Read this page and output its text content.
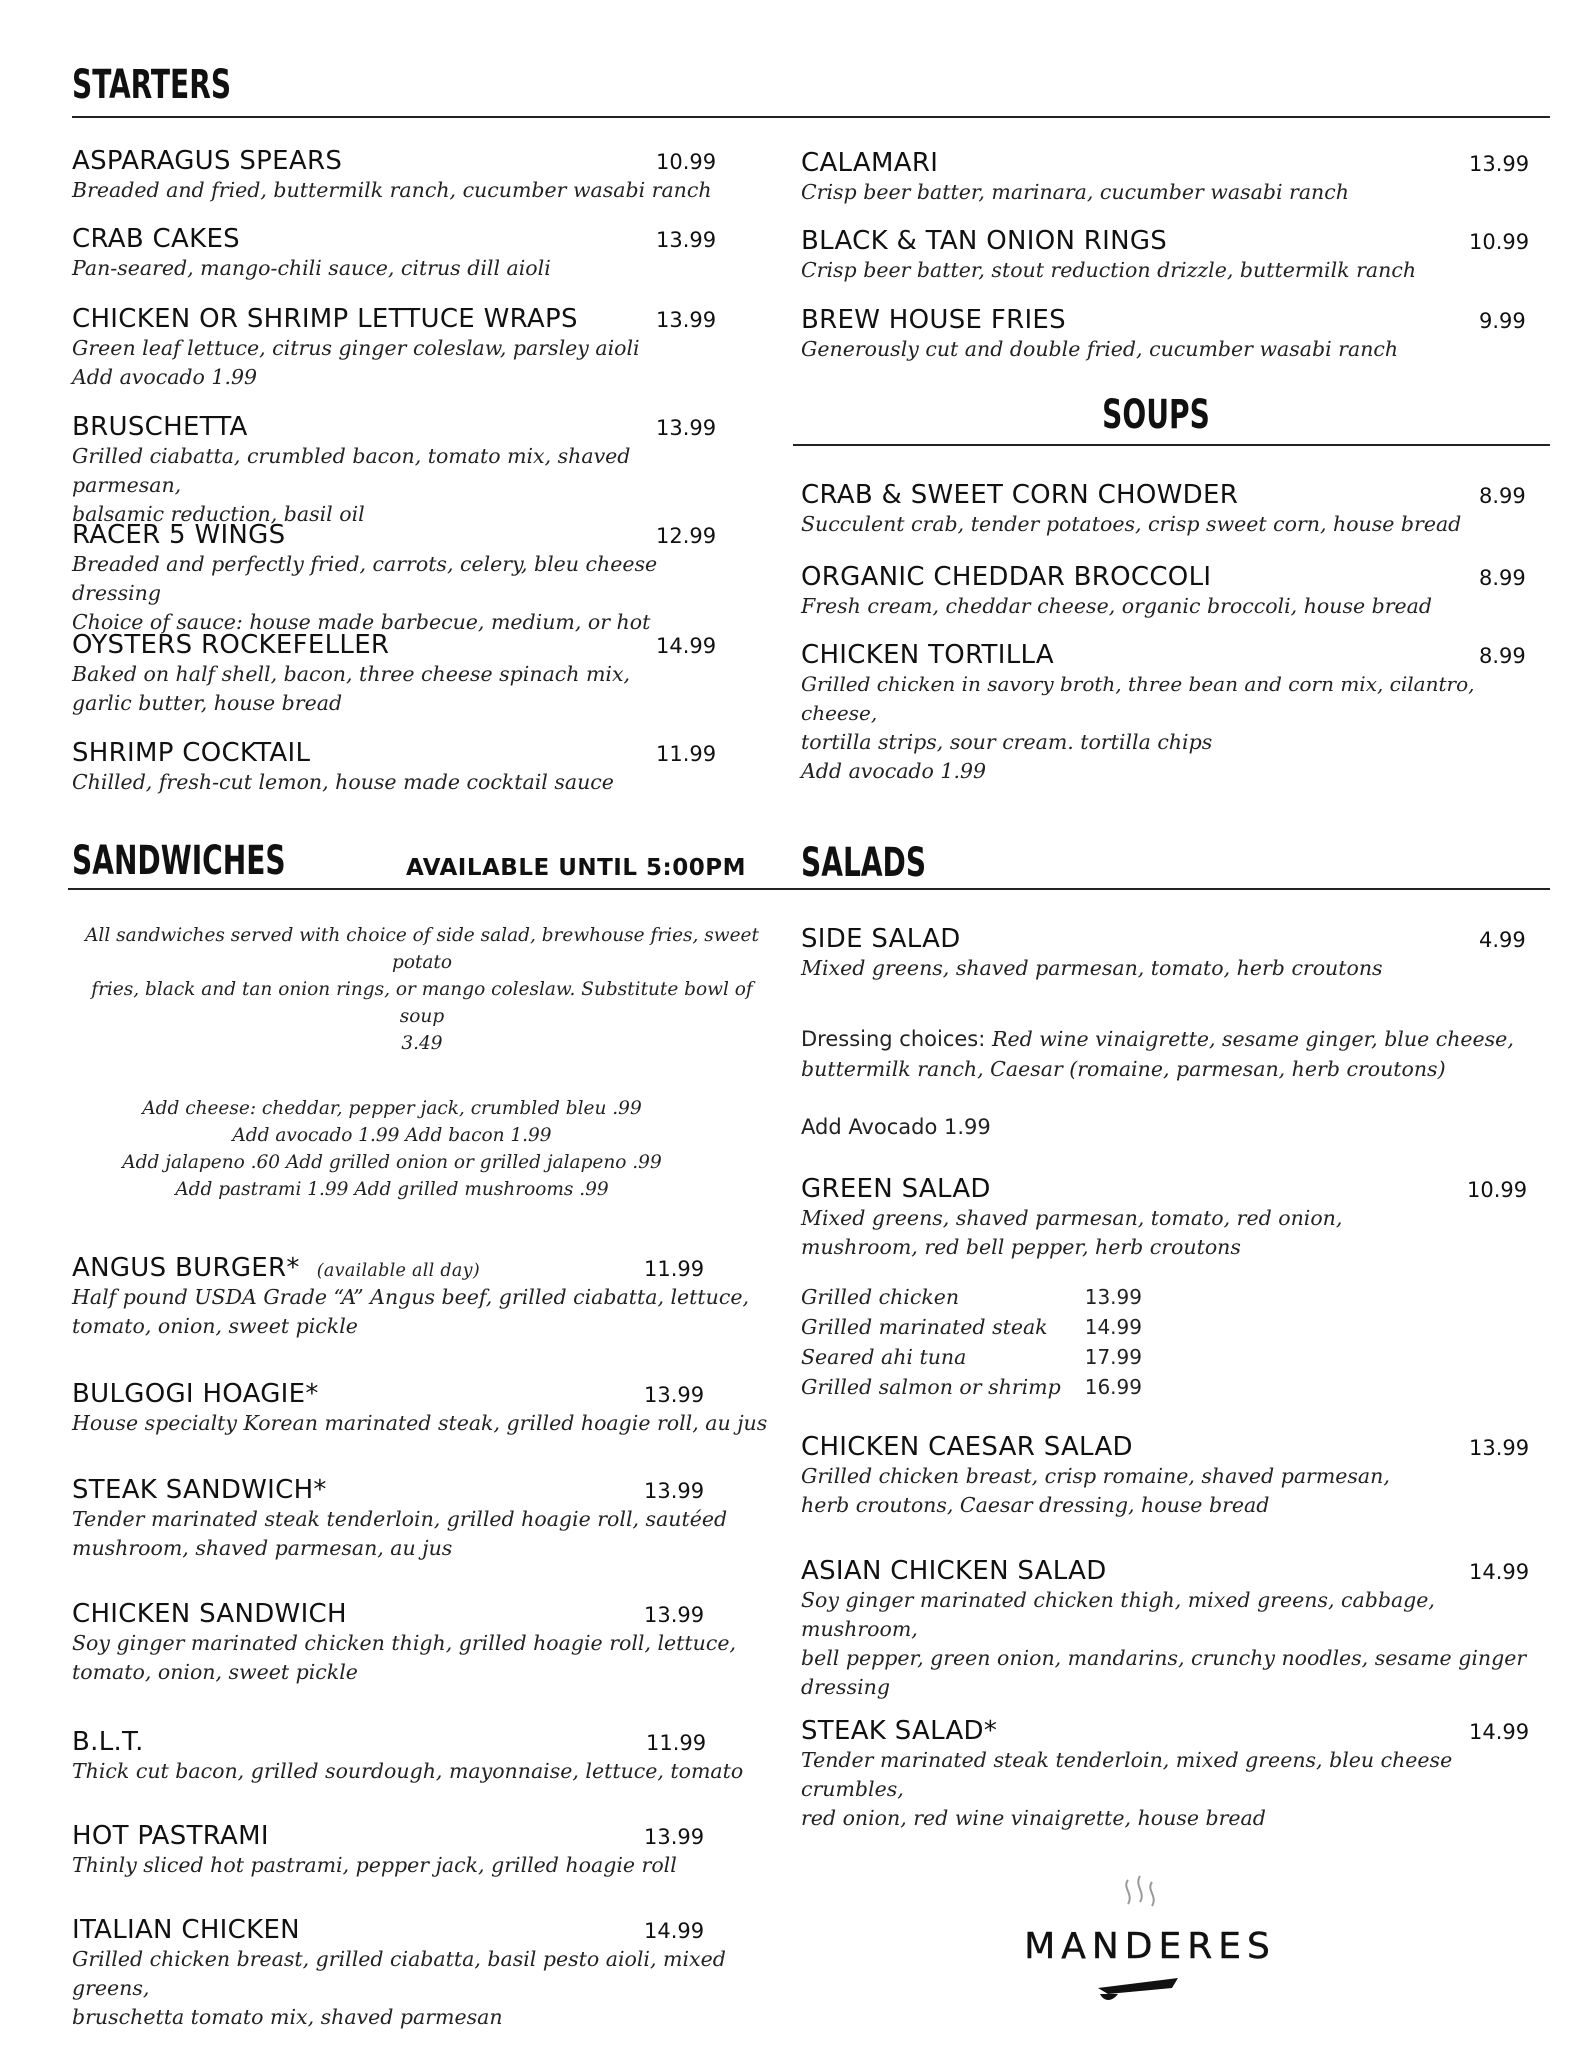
STARTERS
ASPARAGUS SPEARS	10.99
Breaded and fried, buttermilk ranch, cucumber wasabi ranch
CRAB CAKES	13.99
Pan-seared, mango-chili sauce, citrus dill aioli
CHICKEN OR SHRIMP LETTUCE WRAPS	13.99
Green leaf lettuce, citrus ginger coleslaw, parsley aioli
Add avocado 1.99
BRUSCHETTA	13.99
Grilled ciabatta, crumbled bacon, tomato mix, shaved parmesan,
balsamic reduction, basil oil
RACER 5 WINGS	12.99
Breaded and perfectly fried, carrots, celery, bleu cheese dressing
Choice of sauce: house made barbecue, medium, or hot
OYSTERS ROCKEFELLER	14.99
Baked on half shell, bacon, three cheese spinach mix,
garlic butter, house bread
SHRIMP COCKTAIL	11.99
Chilled, fresh-cut lemon, house made cocktail sauce
CALAMARI	13.99
Crisp beer batter, marinara, cucumber wasabi ranch
BLACK & TAN ONION RINGS	10.99
Crisp beer batter, stout reduction drizzle, buttermilk ranch
BREW HOUSE FRIES	9.99
Generously cut and double fried, cucumber wasabi ranch
SOUPS
CRAB & SWEET CORN CHOWDER	8.99
Succulent crab, tender potatoes, crisp sweet corn, house bread
ORGANIC CHEDDAR BROCCOLI	8.99
Fresh cream, cheddar cheese, organic broccoli, house bread
CHICKEN TORTILLA	8.99
Grilled chicken in savory broth, three bean and corn mix, cilantro, cheese,
tortilla strips, sour cream. tortilla chips
Add avocado 1.99
SANDWICHES	AVAILABLE UNTIL 5:00PM SALADS
All sandwiches served with choice of side salad, brewhouse fries, sweet potato
fries, black and tan onion rings, or mango coleslaw. Substitute bowl of soup
3.49
Add cheese: cheddar, pepper jack, crumbled bleu .99
Add avocado 1.99 Add bacon 1.99
Add jalapeno .60 Add grilled onion or grilled jalapeno .99
Add pastrami 1.99 Add grilled mushrooms .99
ANGUS BURGER* (available all day)	11.99
Half pound USDA Grade “A” Angus beef, grilled ciabatta, lettuce,
tomato, onion, sweet pickle
BULGOGI HOAGIE*	13.99
House specialty Korean marinated steak, grilled hoagie roll, au jus
STEAK SANDWICH*	13.99
Tender marinated steak tenderloin, grilled hoagie roll, sautéed
mushroom, shaved parmesan, au jus
CHICKEN SANDWICH	13.99
Soy ginger marinated chicken thigh, grilled hoagie roll, lettuce,
tomato, onion, sweet pickle
B.L.T.	11.99
Thick cut bacon, grilled sourdough, mayonnaise, lettuce, tomato
HOT PASTRAMI	13.99
Thinly sliced hot pastrami, pepper jack, grilled hoagie roll
ITALIAN CHICKEN	14.99
Grilled chicken breast, grilled ciabatta, basil pesto aioli, mixed greens,
bruschetta tomato mix, shaved parmesan
SIDE SALAD	4.99
Mixed greens, shaved parmesan, tomato, herb croutons
Dressing choices: Red wine vinaigrette, sesame ginger, blue cheese,
buttermilk ranch, Caesar (romaine, parmesan, herb croutons)
Add Avocado 1.99
GREEN SALAD	10.99
Mixed greens, shaved parmesan, tomato, red onion,
mushroom, red bell pepper, herb croutons
Grilled chicken	13.99
Grilled marinated steak	14.99
Seared ahi tuna	17.99
Grilled salmon or shrimp	16.99
CHICKEN CAESAR SALAD	13.99
Grilled chicken breast, crisp romaine, shaved parmesan,
herb croutons, Caesar dressing, house bread
ASIAN CHICKEN SALAD	14.99
Soy ginger marinated chicken thigh, mixed greens, cabbage, mushroom,
bell pepper, green onion, mandarins, crunchy noodles, sesame ginger
dressing
STEAK SALAD*	14.99
Tender marinated steak tenderloin, mixed greens, bleu cheese crumbles,
red onion, red wine vinaigrette, house bread
MANDERES
